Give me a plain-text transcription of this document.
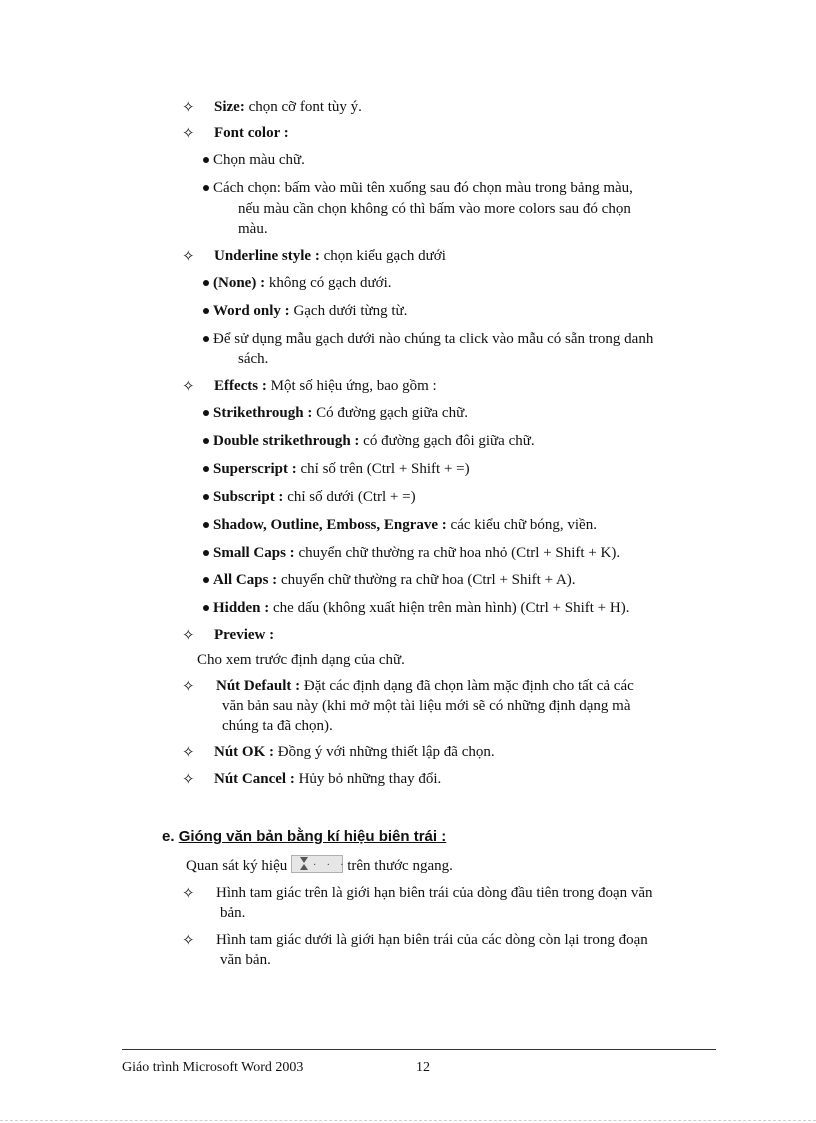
✧	Size: chọn cỡ font tùy ý.
✧	Font color :
Chọn màu chữ.
Cách chọn: bấm vào mũi tên xuống sau đó chọn màu trong bảng màu,
nếu màu cần chọn không có thì bấm vào more colors sau đó chọn
màu.
✧	Underline style : chọn kiểu gạch dưới
(None) : không có gạch dưới.
Word only : Gạch dưới từng từ.
Để sử dụng mẫu gạch dưới nào chúng ta click vào mẫu có sẵn trong danh
sách.
✧	Effects : Một số hiệu ứng, bao gồm :
Strikethrough : Có đường gạch giữa chữ.
Double strikethrough : có đường gạch đôi giữa chữ.
Superscript : chỉ số trên (Ctrl + Shift + =)
Subscript : chỉ số dưới (Ctrl + =)
Shadow, Outline, Emboss, Engrave : các kiểu chữ bóng, viền.
Small Caps : chuyển chữ thường ra chữ hoa nhỏ (Ctrl + Shift + K).
All Caps : chuyển chữ thường ra chữ hoa (Ctrl + Shift + A).
Hidden : che dấu (không xuất hiện trên màn hình) (Ctrl + Shift + H).
✧	Preview :
Cho xem trước định dạng của chữ.
✧	Nút Default : Đặt các định dạng đã chọn làm mặc định cho tất cả các
văn bản sau này (khi mở một tài liệu mới sẽ có những định dạng mà
chúng ta đã chọn).
✧	Nút OK : Đồng ý với những thiết lập đã chọn.
✧	Nút Cancel : Hủy bỏ những thay đổi.
e. Gióng văn bản bằng kí hiệu biên trái :
Quan sát ký hiệu	· · · trên thước ngang.
✧	Hình tam giác trên là giới hạn biên trái của dòng đầu tiên trong đoạn văn
bản.
✧	Hình tam giác dưới là giới hạn biên trái của các dòng còn lại trong đoạn
văn bản.
Giáo trình Microsoft Word 2003	12
